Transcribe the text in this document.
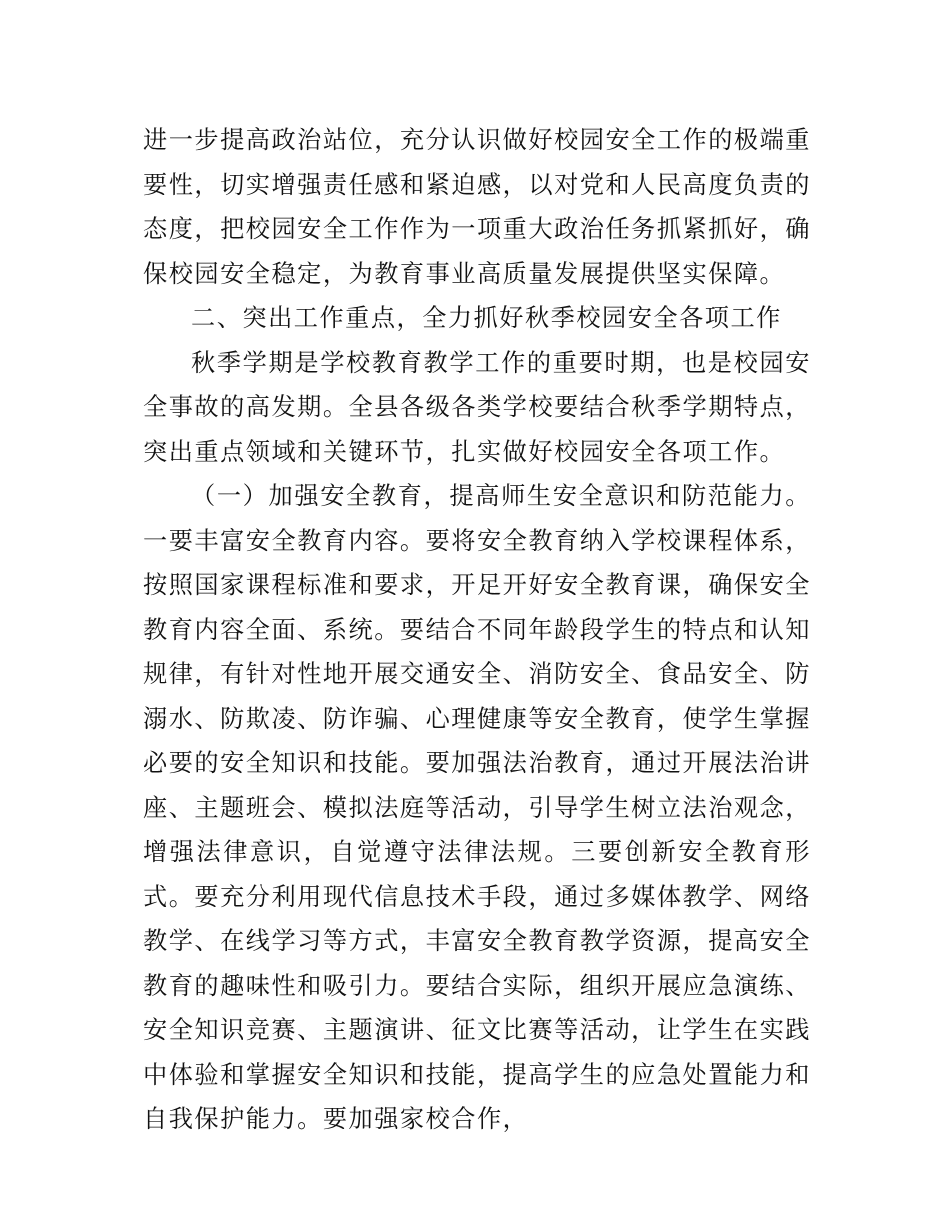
进一步提高政治站位，充分认识做好校园安全工作的极端重要性，切实增强责任感和紧迫感，以对党和人民高度负责的态度，把校园安全工作作为一项重大政治任务抓紧抓好，确保校园安全稳定，为教育事业高质量发展提供坚实保障。

二、突出工作重点，全力抓好秋季校园安全各项工作

秋季学期是学校教育教学工作的重要时期，也是校园安全事故的高发期。全县各级各类学校要结合秋季学期特点，突出重点领域和关键环节，扎实做好校园安全各项工作。

（一）加强安全教育，提高师生安全意识和防范能力。一要丰富安全教育内容。要将安全教育纳入学校课程体系，按照国家课程标准和要求，开足开好安全教育课，确保安全教育内容全面、系统。要结合不同年龄段学生的特点和认知规律，有针对性地开展交通安全、消防安全、食品安全、防溺水、防欺凌、防诈骗、心理健康等安全教育，使学生掌握必要的安全知识和技能。要加强法治教育，通过开展法治讲座、主题班会、模拟法庭等活动，引导学生树立法治观念，增强法律意识，自觉遵守法律法规。三要创新安全教育形式。要充分利用现代信息技术手段，通过多媒体教学、网络教学、在线学习等方式，丰富安全教育教学资源，提高安全教育的趣味性和吸引力。要结合实际，组织开展应急演练、安全知识竞赛、主题演讲、征文比赛等活动，让学生在实践中体验和掌握安全知识和技能，提高学生的应急处置能力和自我保护能力。要加强家校合作，
